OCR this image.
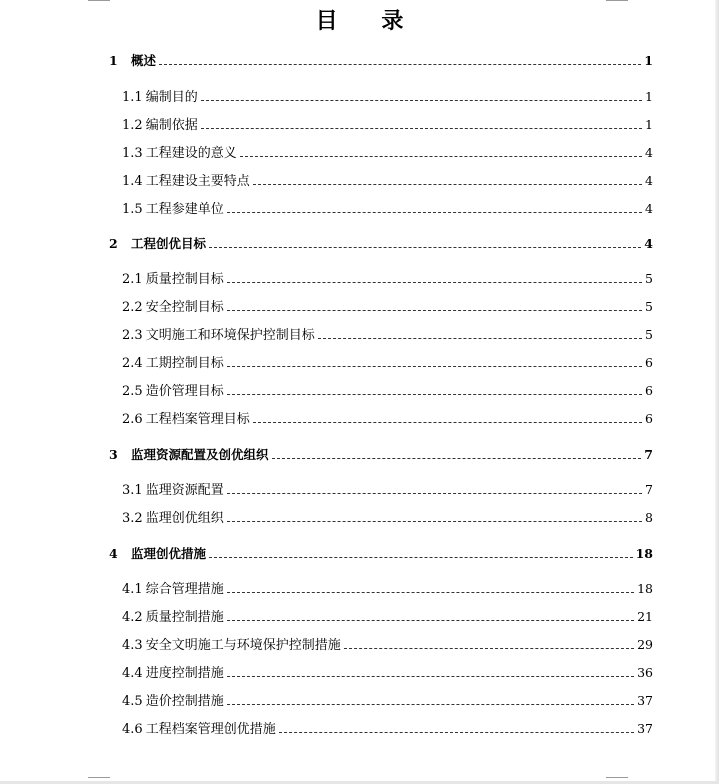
目 录
1	概述	1
1.1 编制目的	1
1.2 编制依据	1
1.3 工程建设的意义	4
1.4 工程建设主要特点	4
1.5 工程参建单位	4
2	工程创优目标	4
2.1 质量控制目标	5
2.2 安全控制目标	5
2.3 文明施工和环境保护控制目标	5
2.4 工期控制目标	6
2.5 造价管理目标	6
2.6 工程档案管理目标	6
3	监理资源配置及创优组织	7
3.1 监理资源配置	7
3.2 监理创优组织	8
4	监理创优措施	18
4.1 综合管理措施	18
4.2 质量控制措施	21
4.3 安全文明施工与环境保护控制措施	29
4.4 进度控制措施	36
4.5 造价控制措施	37
4.6 工程档案管理创优措施	37
